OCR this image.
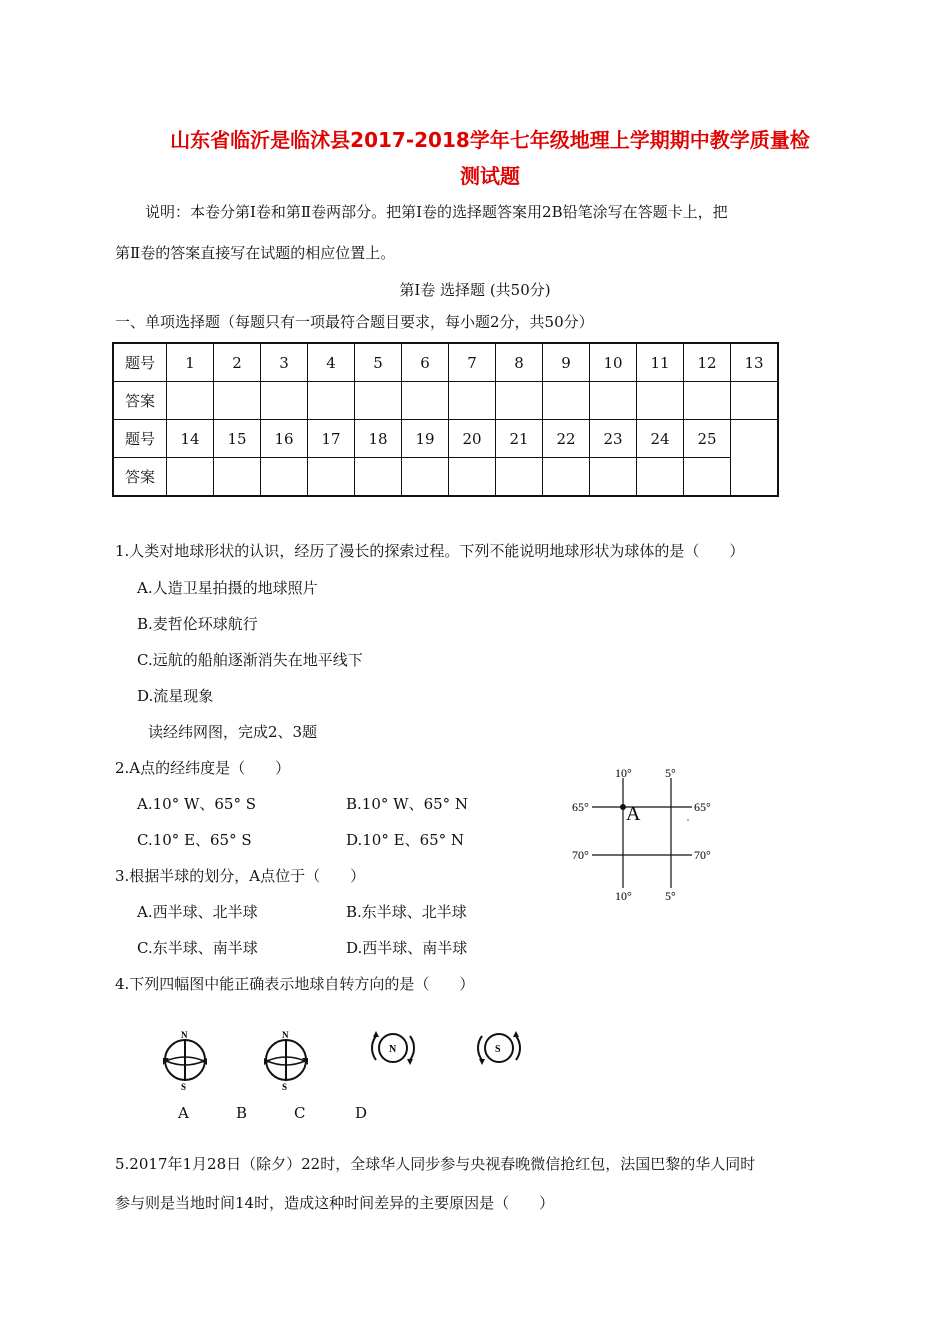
山东省临沂是临沭县2017-2018学年七年级地理上学期期中教学质量检
测试题
说明：本卷分第Ⅰ卷和第Ⅱ卷两部分。把第Ⅰ卷的选择题答案用2B铅笔涂写在答题卡上，把
第Ⅱ卷的答案直接写在试题的相应位置上。
第Ⅰ卷 选择题 (共50分)
一、单项选择题（每题只有一项最符合题目要求，每小题2分，共50分）
题号	1	2	3	4	5	6	7	8	9	10	11	12	13
答案													
题号	14	15	16	17	18	19	20	21	22	23	24	25	
答案													
1.人类对地球形状的认识，经历了漫长的探索过程。下列不能说明地球形状为球体的是（　　）
A.人造卫星拍摄的地球照片
B.麦哲伦环球航行
C.远航的船舶逐渐消失在地平线下
D.流星现象
读经纬网图，完成2、3题
2.A点的经纬度是（　　）
A.10° W、65° S	B.10° W、65° N
C.10° E、65° S	D.10° E、65° N
3.根据半球的划分，A点位于（　　）
A.西半球、北半球	B.东半球、北半球
C.东半球、南半球	D.西半球、南半球
10°	5°
65°	65°
70°	70°
10°	5°
A
4.下列四幅图中能正确表示地球自转方向的是（　　）
N
S
N
S
N	S
A	B	C	D
5.2017年1月28日（除夕）22时，全球华人同步参与央视春晚微信抢红包，法国巴黎的华人同时
参与则是当地时间14时，造成这种时间差异的主要原因是（　　）
